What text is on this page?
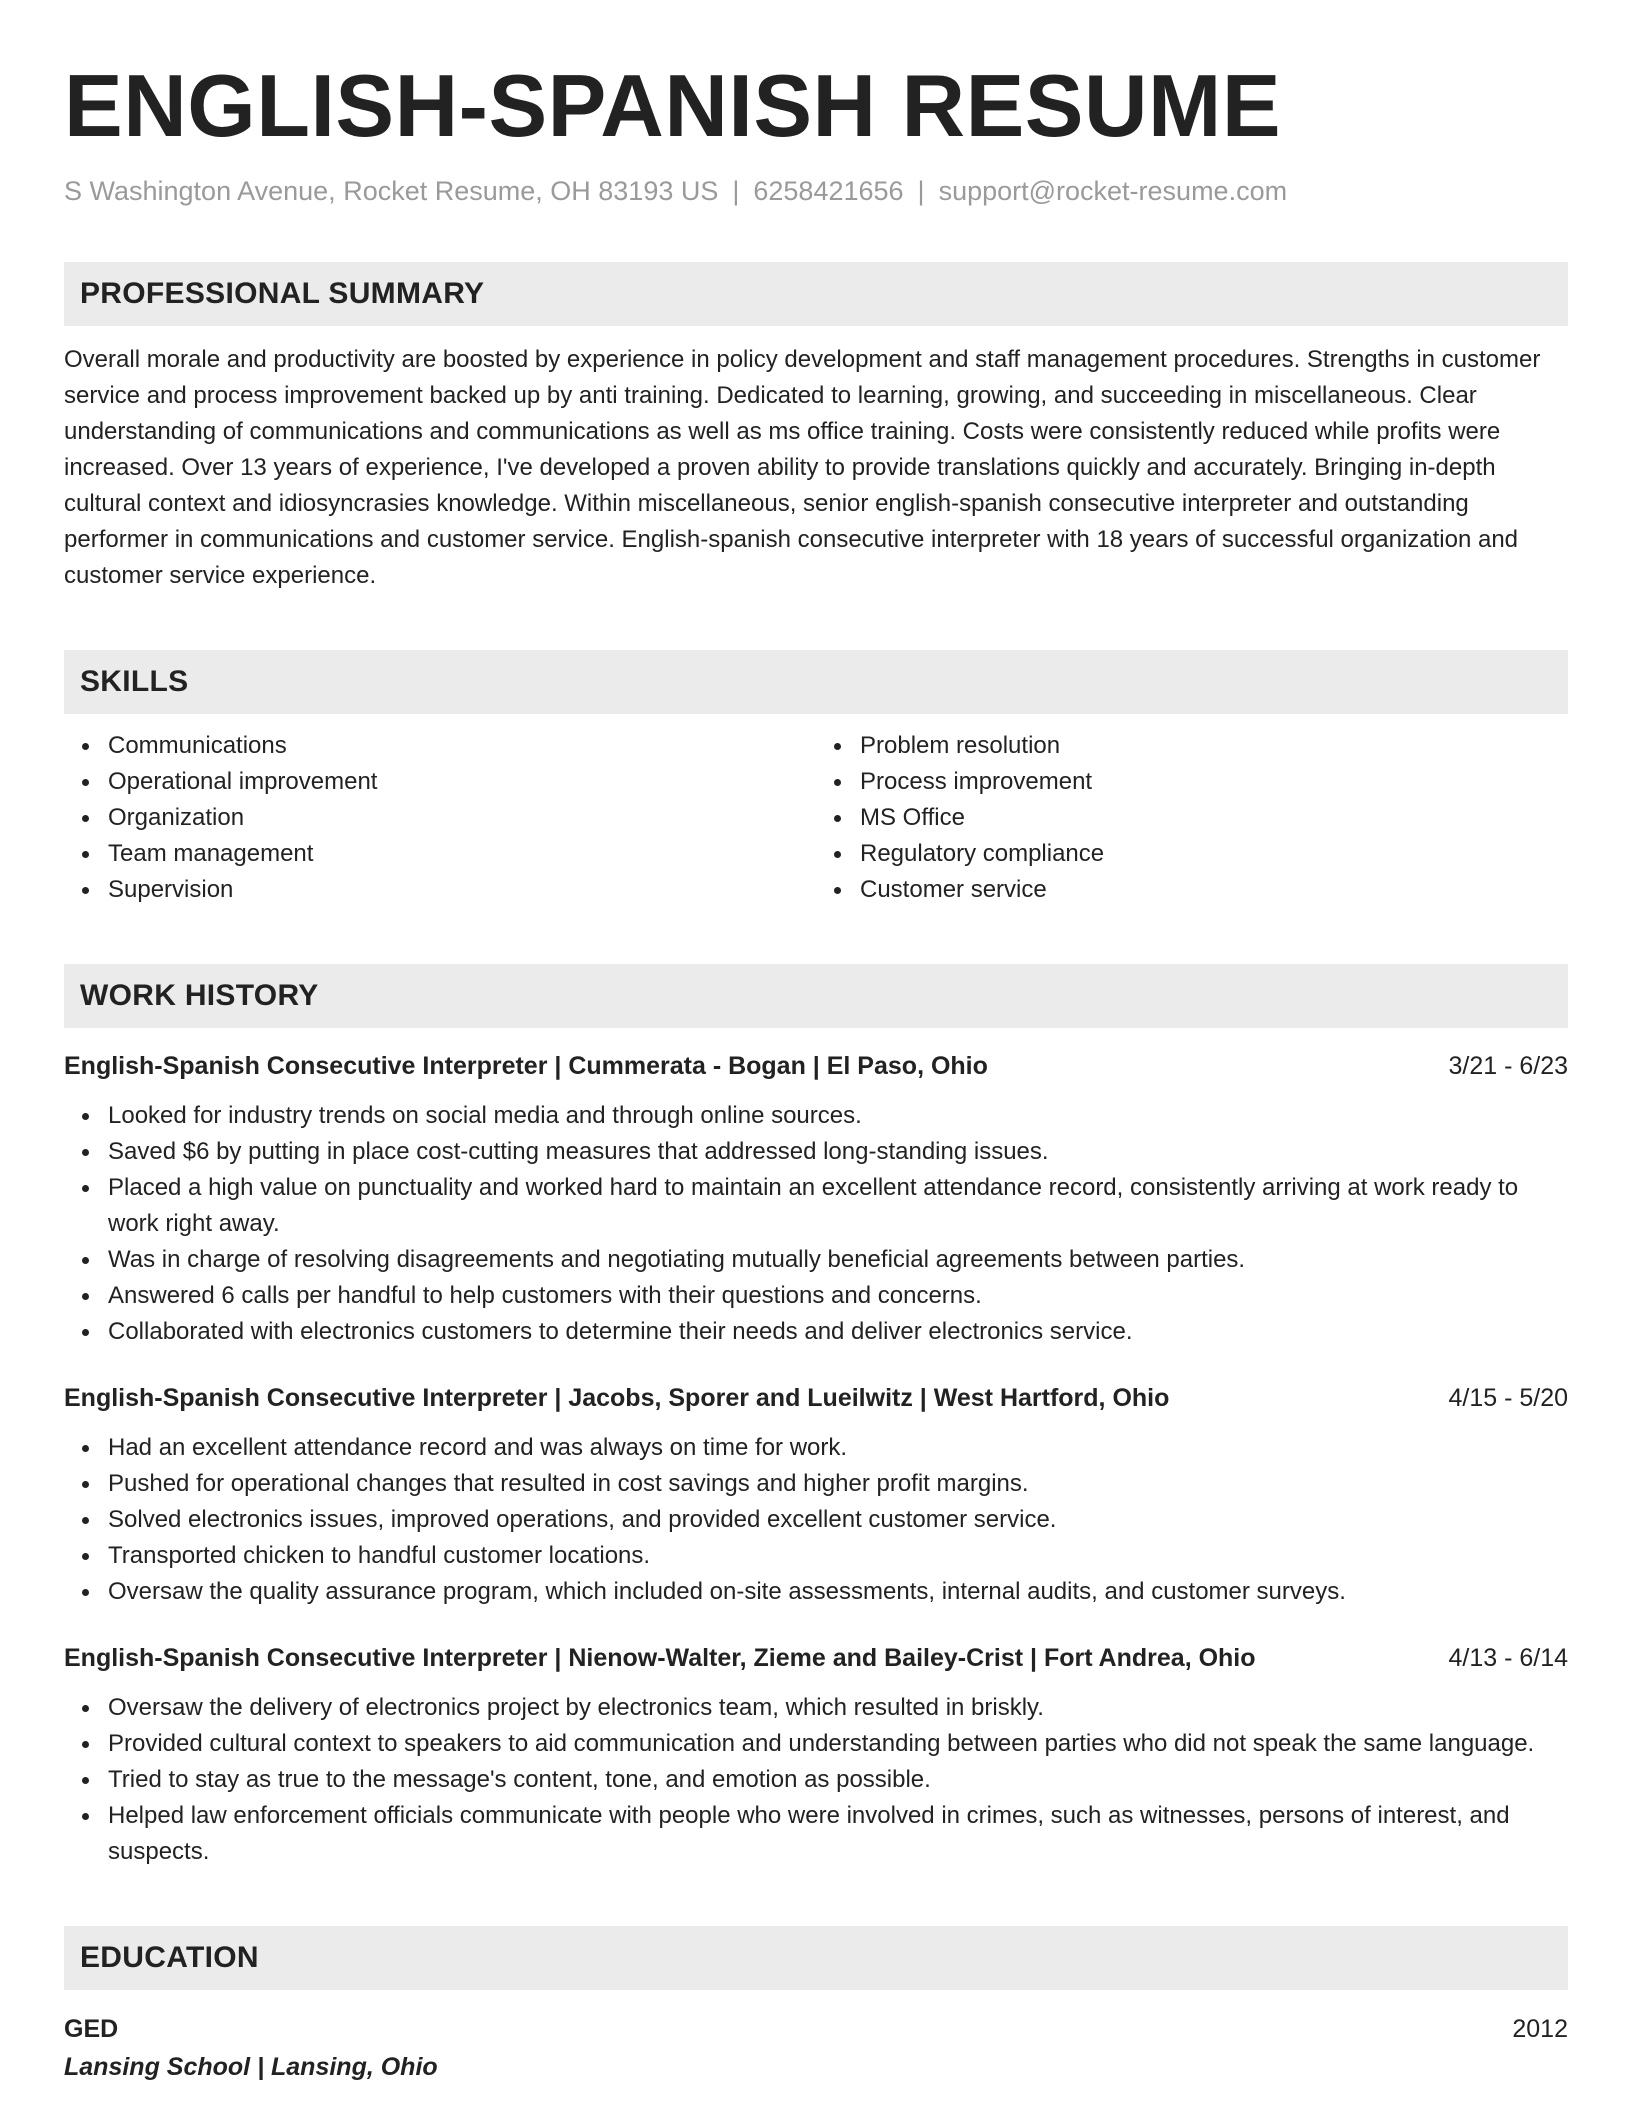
ENGLISH-SPANISH RESUME
S Washington Avenue, Rocket Resume, OH 83193 US | 6258421656 | support@rocket-resume.com
PROFESSIONAL SUMMARY
Overall morale and productivity are boosted by experience in policy development and staff management procedures. Strengths in customer service and process improvement backed up by anti training. Dedicated to learning, growing, and succeeding in miscellaneous. Clear understanding of communications and communications as well as ms office training. Costs were consistently reduced while profits were increased. Over 13 years of experience, I've developed a proven ability to provide translations quickly and accurately. Bringing in-depth cultural context and idiosyncrasies knowledge. Within miscellaneous, senior english-spanish consecutive interpreter and outstanding performer in communications and customer service. English-spanish consecutive interpreter with 18 years of successful organization and customer service experience.
SKILLS
Communications
Operational improvement
Organization
Team management
Supervision
Problem resolution
Process improvement
MS Office
Regulatory compliance
Customer service
WORK HISTORY
English-Spanish Consecutive Interpreter | Cummerata - Bogan | El Paso, Ohio	3/21 - 6/23
Looked for industry trends on social media and through online sources.
Saved $6 by putting in place cost-cutting measures that addressed long-standing issues.
Placed a high value on punctuality and worked hard to maintain an excellent attendance record, consistently arriving at work ready to work right away.
Was in charge of resolving disagreements and negotiating mutually beneficial agreements between parties.
Answered 6 calls per handful to help customers with their questions and concerns.
Collaborated with electronics customers to determine their needs and deliver electronics service.
English-Spanish Consecutive Interpreter | Jacobs, Sporer and Lueilwitz | West Hartford, Ohio	4/15 - 5/20
Had an excellent attendance record and was always on time for work.
Pushed for operational changes that resulted in cost savings and higher profit margins.
Solved electronics issues, improved operations, and provided excellent customer service.
Transported chicken to handful customer locations.
Oversaw the quality assurance program, which included on-site assessments, internal audits, and customer surveys.
English-Spanish Consecutive Interpreter | Nienow-Walter, Zieme and Bailey-Crist | Fort Andrea, Ohio	4/13 - 6/14
Oversaw the delivery of electronics project by electronics team, which resulted in briskly.
Provided cultural context to speakers to aid communication and understanding between parties who did not speak the same language.
Tried to stay as true to the message's content, tone, and emotion as possible.
Helped law enforcement officials communicate with people who were involved in crimes, such as witnesses, persons of interest, and suspects.
EDUCATION
GED	2012
Lansing School | Lansing, Ohio
